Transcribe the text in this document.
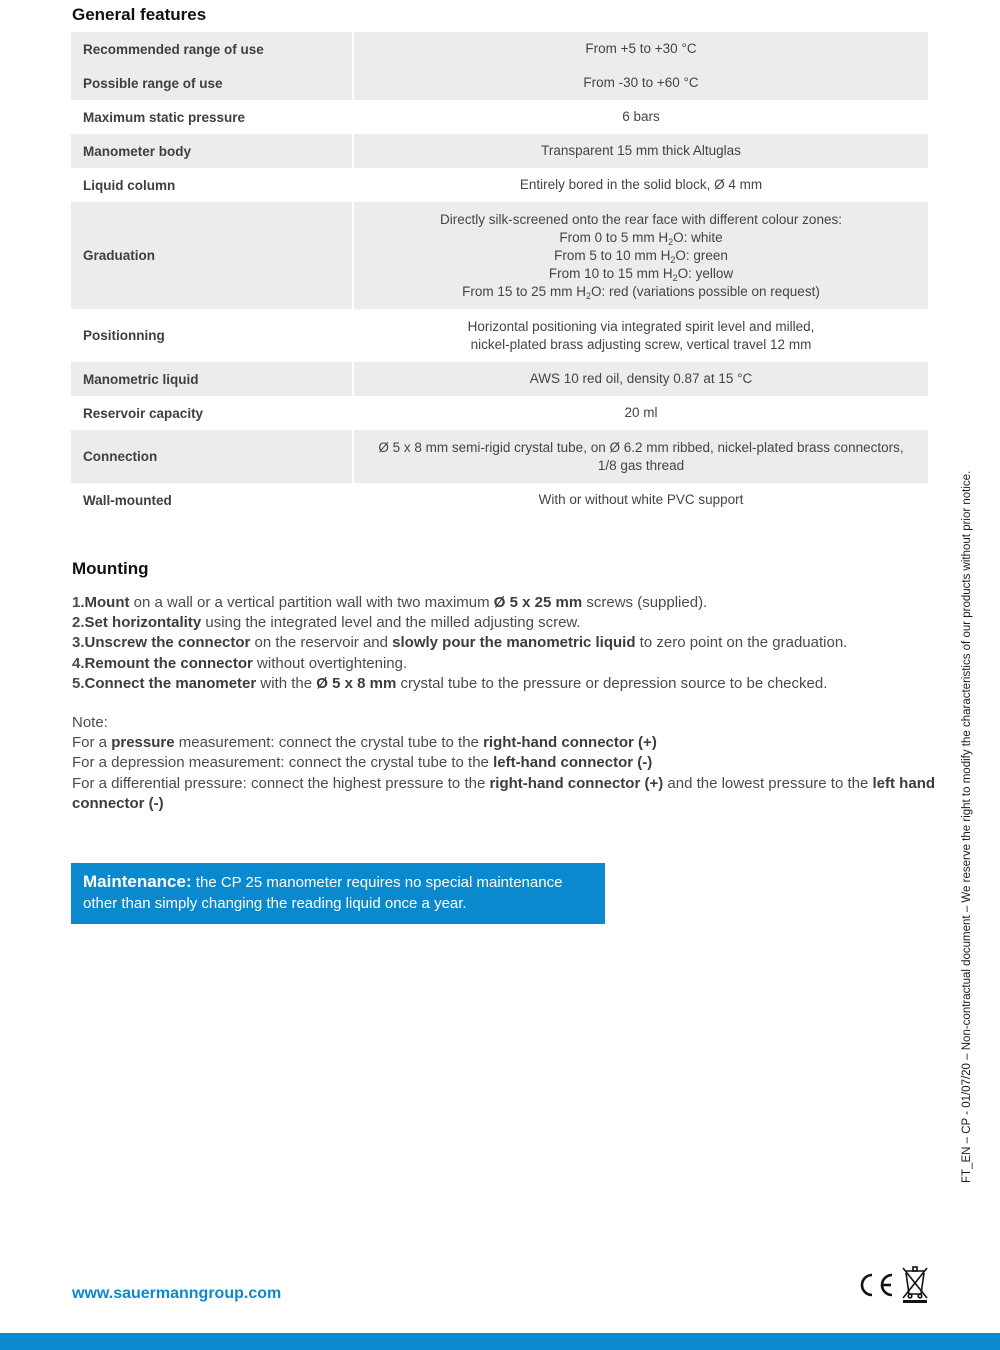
General features
Recommended range of use	From +5 to +30 °C
Possible range of use	From -30 to +60 °C
Maximum static pressure	6 bars
Manometer body	Transparent 15 mm thick Altuglas
Liquid column	Entirely bored in the solid block, Ø 4 mm
Graduation	Directly silk-screened onto the rear face with different colour zones:
From 0 to 5 mm $H_2O$: white
From 5 to 10 mm $H_2O$: green
From 10 to 15 mm $H_2O$: yellow
From 15 to 25 mm $H_2O$: red (variations possible on request)

Positionning	Horizontal positioning via integrated spirit level and milled,
nickel-plated brass adjusting screw, vertical travel 12 mm

Manometric liquid	AWS 10 red oil, density 0.87 at 15 °C
Reservoir capacity	20 ml
Connection	Ø 5 x 8 mm semi-rigid crystal tube, on Ø 6.2 mm ribbed, nickel-plated brass connectors,
1/8 gas thread

Wall-mounted	With or without white PVC support
Mounting
1.Mount on a wall or a vertical partition wall with two maximum Ø 5 x 25 mm screws (supplied).
2.Set horizontality using the integrated level and the milled adjusting screw.
3.Unscrew the connector on the reservoir and slowly pour the manometric liquid to zero point on the graduation.
4.Remount the connector without overtightening.
5.Connect the manometer with the Ø 5 x 8 mm crystal tube to the pressure or depression source to be checked.
Note:
For a pressure measurement: connect the crystal tube to the right-hand connector (+)
For a depression measurement: connect the crystal tube to the left-hand connector (-)
For a differential pressure: connect the highest pressure to the right-hand connector (+) and the lowest pressure to the left hand connector (-)
Maintenance: the CP 25 manometer requires no special maintenance other than simply changing the reading liquid once a year.	FT_EN – CP - 01/07/20 – Non-contractual document – We reserve the right to modify the characteristics of our products without prior notice.
www.sauermanngroup.com
